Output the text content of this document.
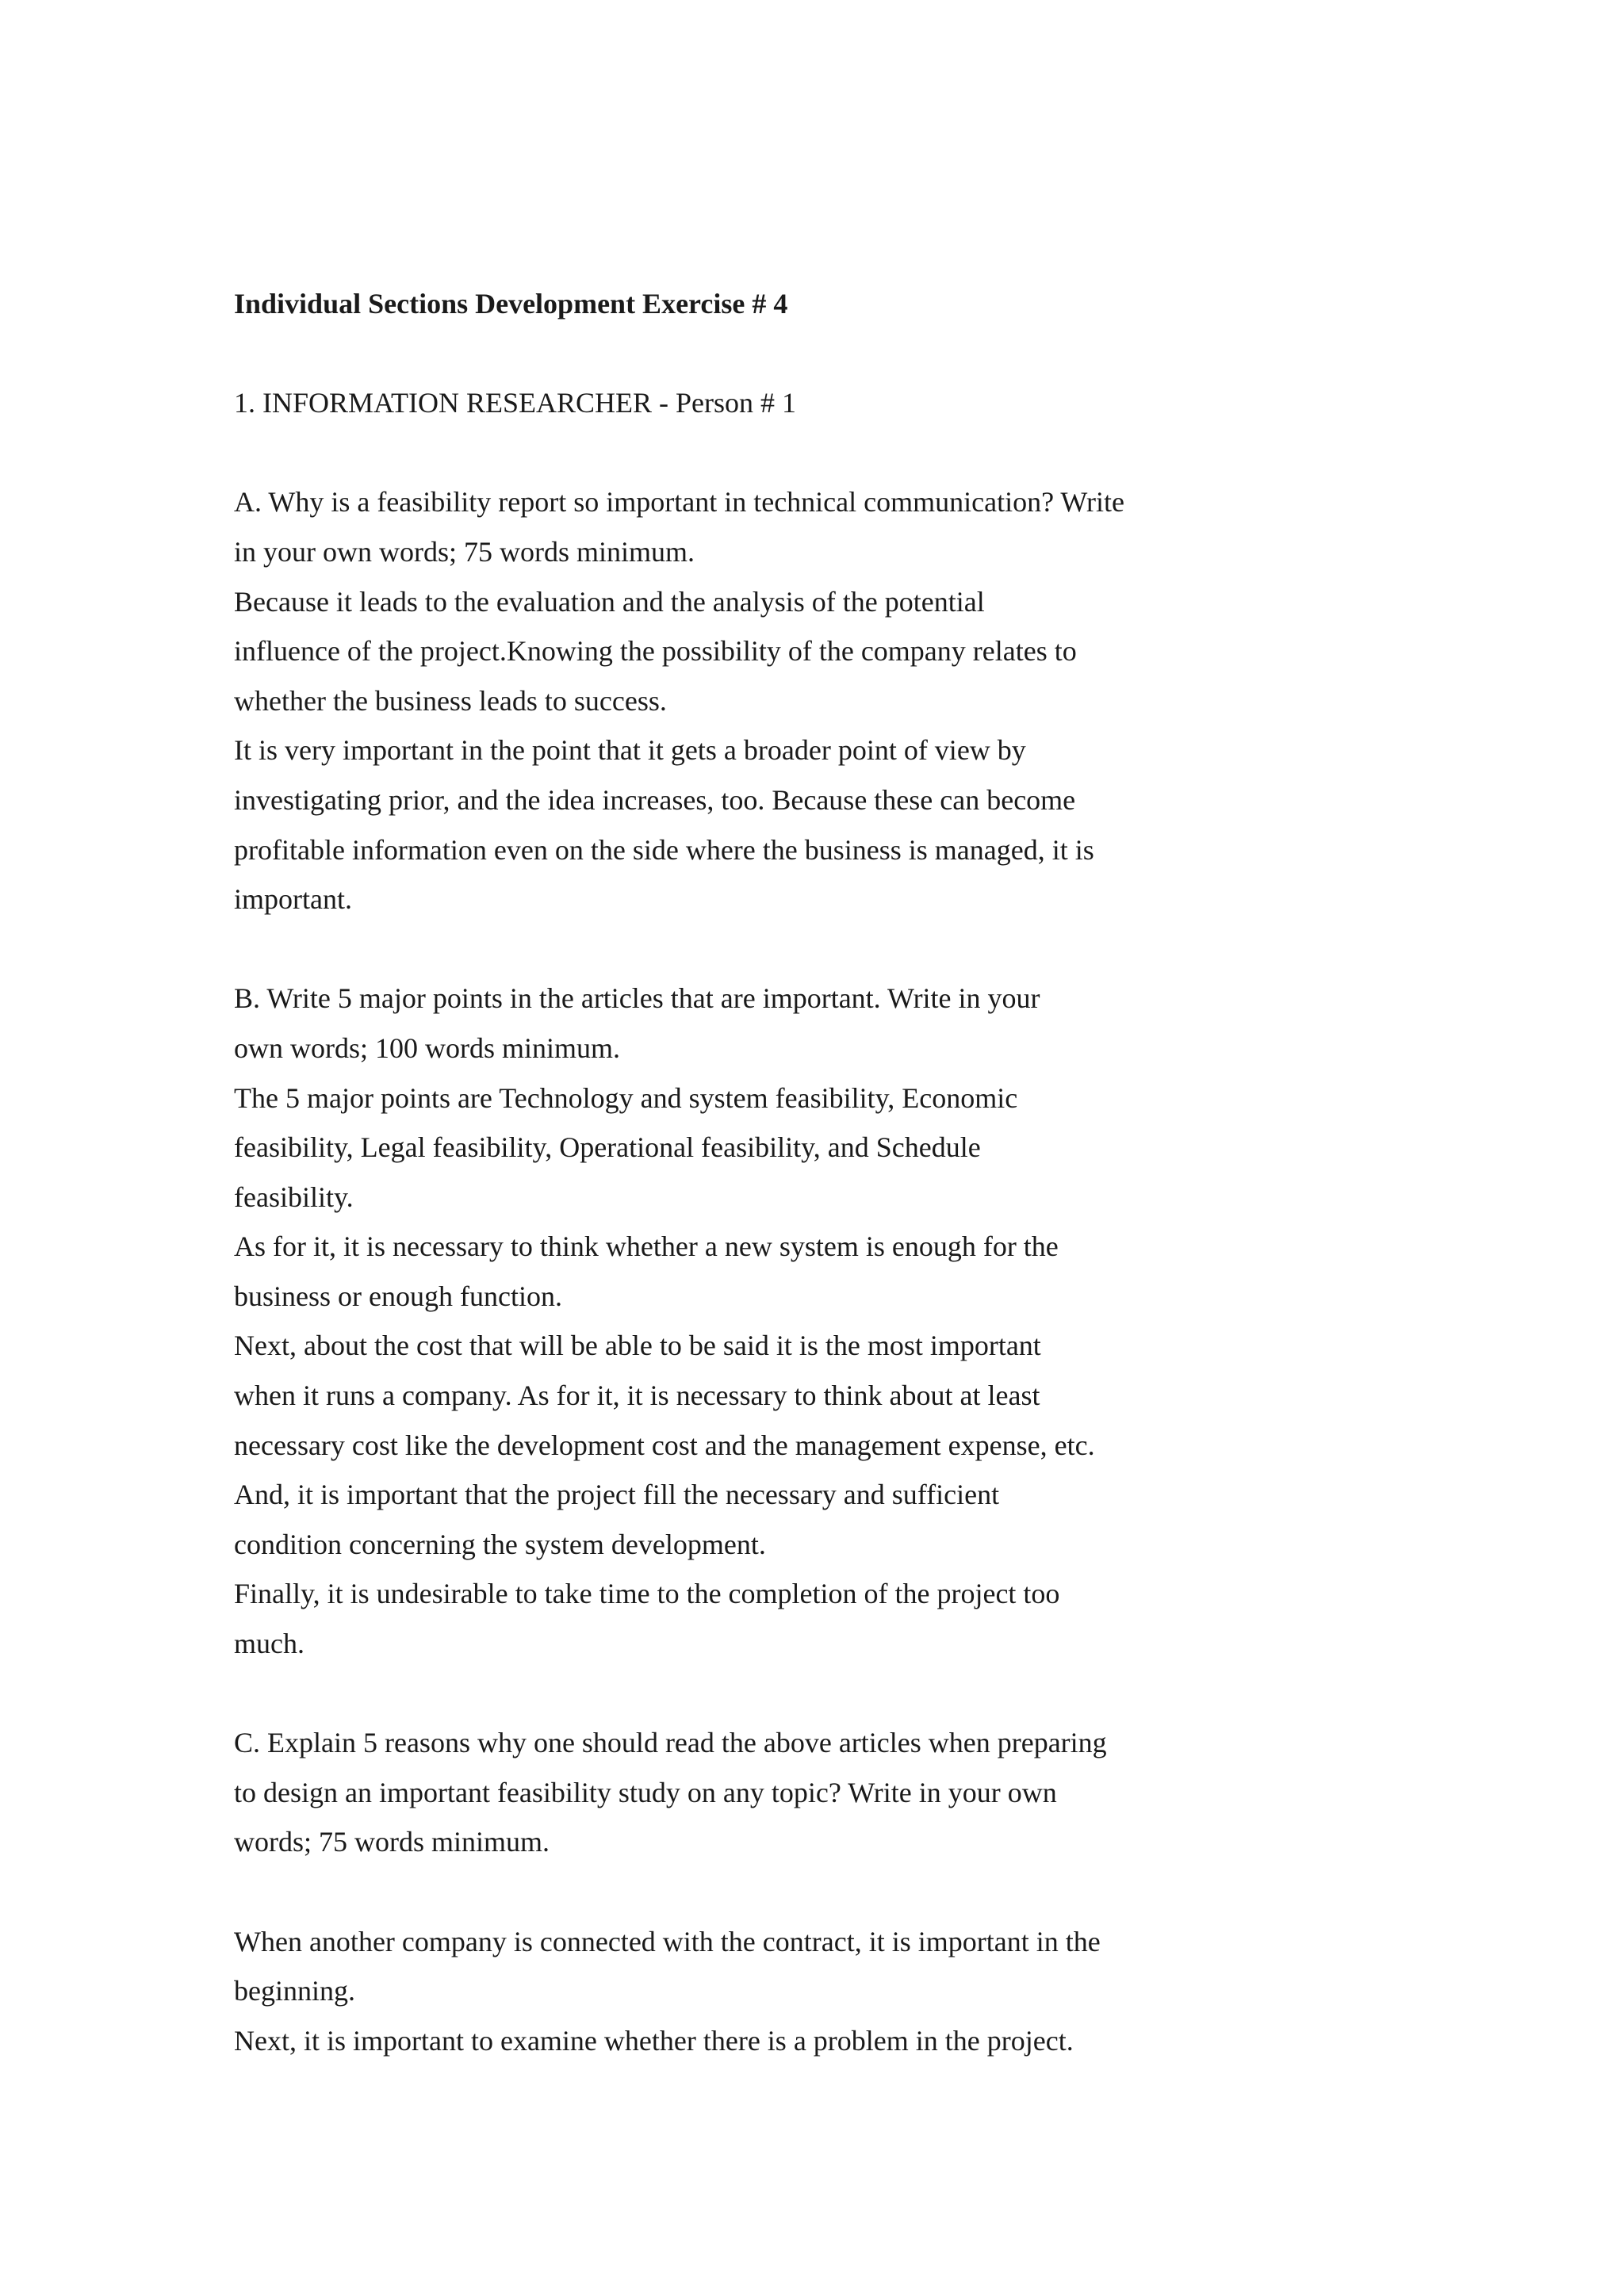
Individual Sections Development Exercise # 4
1. INFORMATION RESEARCHER - Person # 1
A. Why is a feasibility report so important in technical communication? Write
in your own words; 75 words minimum.
Because it leads to the evaluation and the analysis of the potential
influence of the project.Knowing the possibility of the company relates to
whether the business leads to success.
It is very important in the point that it gets a broader point of view by
investigating prior, and the idea increases, too. Because these can become
profitable information even on the side where the business is managed, it is
important.
B. Write 5 major points in the articles that are important. Write in your
own words; 100 words minimum.
The 5 major points are Technology and system feasibility, Economic
feasibility, Legal feasibility, Operational feasibility, and Schedule
feasibility.
As for it, it is necessary to think whether a new system is enough for the
business or enough function.
Next, about the cost that will be able to be said it is the most important
when it runs a company. As for it, it is necessary to think about at least
necessary cost like the development cost and the management expense, etc.
And, it is important that the project fill the necessary and sufficient
condition concerning the system development.
Finally, it is undesirable to take time to the completion of the project too
much.
C. Explain 5 reasons why one should read the above articles when preparing
to design an important feasibility study on any topic? Write in your own
words; 75 words minimum.
When another company is connected with the contract, it is important in the
beginning.
Next, it is important to examine whether there is a problem in the project.
